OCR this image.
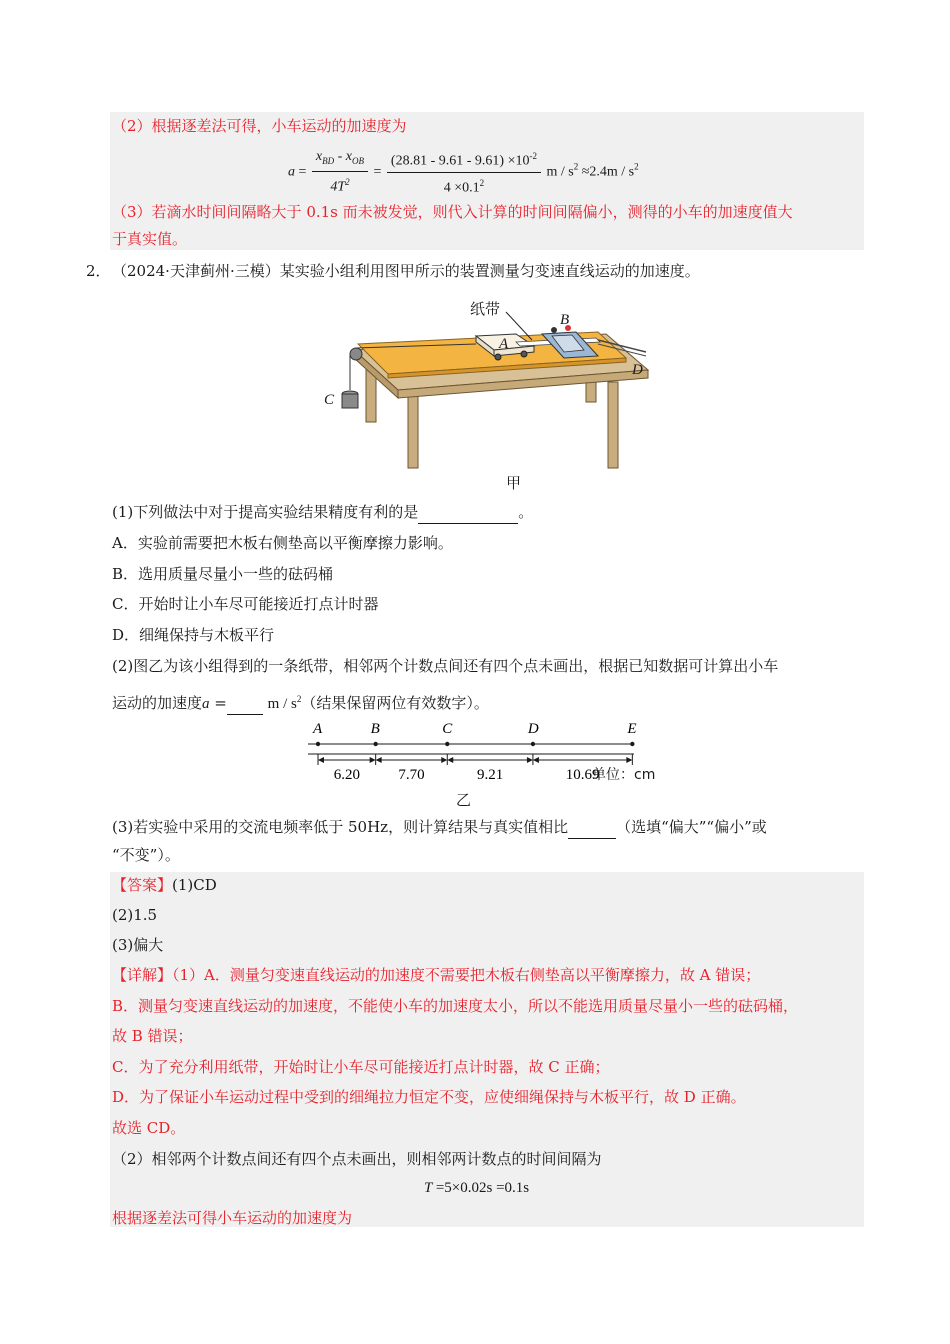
（2）根据逐差法可得，小车运动的加速度为
$a = \frac{x_{BD} - x_{OB}}{4T^2} = \frac{(28.81 - 9.61 - 9.61) \times 10^{-2}}{4 \times 0.1^2}$ $m / s^2 \approx 2.4m / s^2$
（3）若滴水时间间隔略大于 0.1s 而未被发觉，则代入计算的时间间隔偏小，测得的小车的加速度值大
于真实值。
2． （2024·天津蓟州·三模）某实验小组利用图甲所示的装置测量匀变速直线运动的加速度。
纸带
A
B
C
D
甲
(1)下列做法中对于提高实验结果精度有利的是	。
A．实验前需要把木板右侧垫高以平衡摩擦力影响。
B．选用质量尽量小一些的砝码桶
C．开始时让小车尽可能接近打点计时器
D．细绳保持与木板平行
(2)图乙为该小组得到的一条纸带，相邻两个计数点间还有四个点未画出，根据已知数据可计算出小车
运动的加速度a =	m / $s^2$（结果保留两位有效数字）。
A	B	C	D	E
6.20	7.70	9.21	10.69
单位：cm
乙
(3)若实验中采用的交流电频率低于 50Hz，则计算结果与真实值相比	（选填“偏大”“偏小”或
“不变”）。
【答案】(1)CD
(2)1.5
(3)偏大
【详解】（1）A．测量匀变速直线运动的加速度不需要把木板右侧垫高以平衡摩擦力，故 A 错误；
B．测量匀变速直线运动的加速度，不能使小车的加速度太小，所以不能选用质量尽量小一些的砝码桶，
故 B 错误；
C．为了充分利用纸带，开始时让小车尽可能接近打点计时器，故 C 正确；
D．为了保证小车运动过程中受到的细绳拉力恒定不变，应使细绳保持与木板平行，故 D 正确。
故选 CD。
（2）相邻两个计数点间还有四个点未画出，则相邻两计数点的时间间隔为
T =5×0.02s =0.1s
根据逐差法可得小车运动的加速度为
